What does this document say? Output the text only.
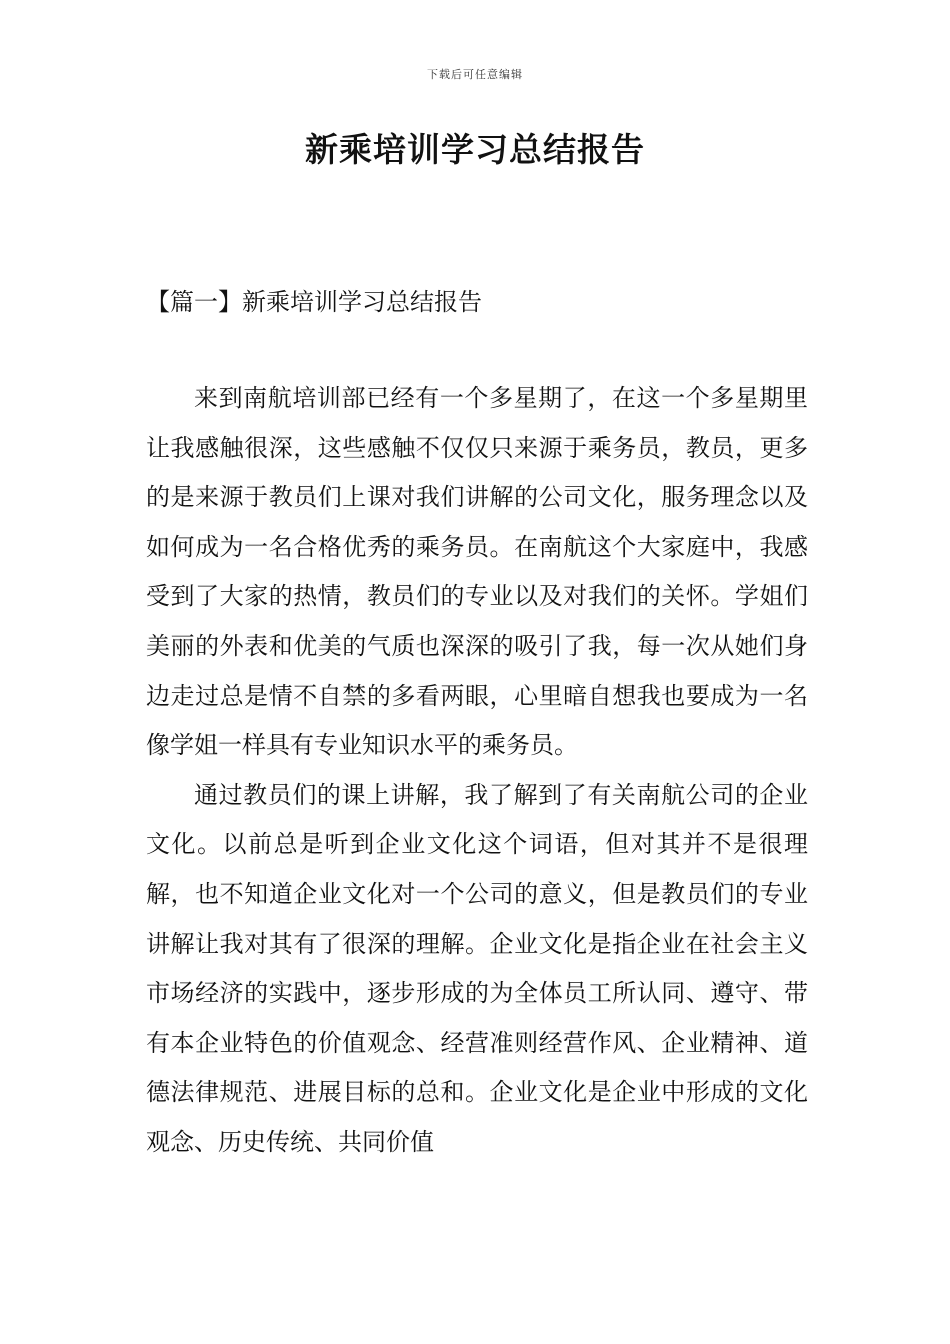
下载后可任意编辑
新乘培训学习总结报告
【篇一】新乘培训学习总结报告

来到南航培训部已经有一个多星期了，在这一个多星期里让我感触很深，这些感触不仅仅只来源于乘务员，教员，更多的是来源于教员们上课对我们讲解的公司文化，服务理念以及如何成为一名合格优秀的乘务员。在南航这个大家庭中，我感受到了大家的热情，教员们的专业以及对我们的关怀。学姐们美丽的外表和优美的气质也深深的吸引了我，每一次从她们身边走过总是情不自禁的多看两眼，心里暗自想我也要成为一名像学姐一样具有专业知识水平的乘务员。

通过教员们的课上讲解，我了解到了有关南航公司的企业文化。以前总是听到企业文化这个词语，但对其并不是很理解，也不知道企业文化对一个公司的意义，但是教员们的专业讲解让我对其有了很深的理解。企业文化是指企业在社会主义市场经济的实践中，逐步形成的为全体员工所认同、遵守、带有本企业特色的价值观念、经营准则经营作风、企业精神、道德法律规范、进展目标的总和。企业文化是企业中形成的文化观念、历史传统、共同价值
